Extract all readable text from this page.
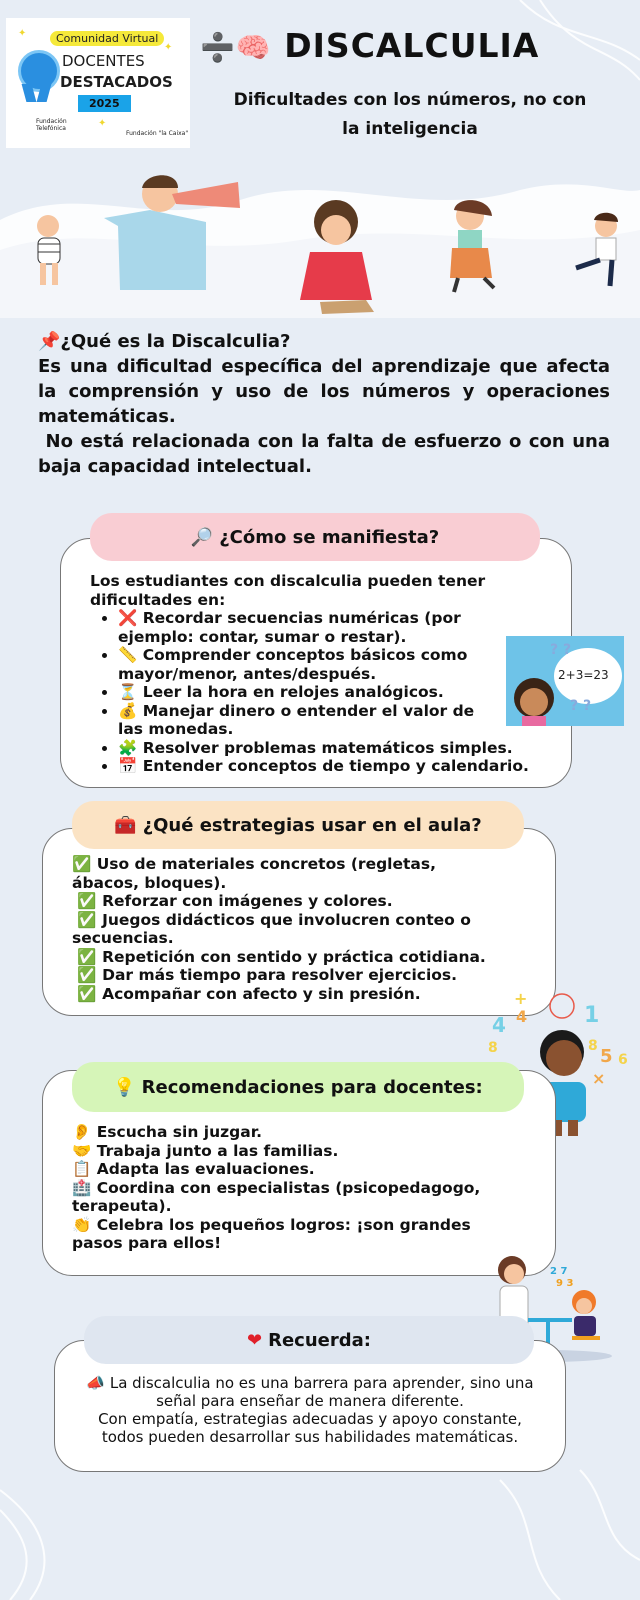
✦
✦
✦
Comunidad Virtual
DOCENTES
DESTACADOS
2025
Fundación Telefónica
Fundación "la Caixa"
➗🧠 DISCALCULIA
Dificultades con los números, no con la inteligencia

📌¿Qué es la Discalculia?

Es una dificultad específica del aprendizaje que afecta la comprensión y uso de los números y operaciones matemáticas.

No está relacionada con la falta de esfuerzo o con una baja capacidad intelectual.

🔎 ¿Cómo se manifiesta?

Los estudiantes con discalculia pueden tener dificultades en:

• ❌ Recordar secuencias numéricas (por ejemplo: contar, sumar o restar).
• 📏 Comprender conceptos básicos como mayor/menor, antes/después.
• ⏳ Leer la hora en relojes analógicos.
• 💰 Manejar dinero o entender el valor de las monedas.
• 🧩 Resolver problemas matemáticos simples.
• 📅 Entender conceptos de tiempo y calendario.
? ?
? ?
2+3=23
🧰 ¿Qué estrategias usar en el aula?

✅ Uso de materiales concretos (regletas, ábacos, bloques).

✅ Reforzar con imágenes y colores.

✅ Juegos didácticos que involucren conteo o secuencias.

✅ Repetición con sentido y práctica cotidiana.

✅ Dar más tiempo para resolver ejercicios.

✅ Acompañar con afecto y sin presión.

4 4
8
1
8 5
×
6
+
💡 Recomendaciones para docentes:

👂 Escucha sin juzgar.

🤝 Trabaja junto a las familias.

📋 Adapta las evaluaciones.

🏥 Coordina con especialistas (psicopedagogo, terapeuta).

👏 Celebra los pequeños logros: ¡son grandes pasos para ellos!

2 7
9 3
❤ Recuerda:

📣 La discalculia no es una barrera para aprender, sino una señal para enseñar de manera diferente.

Con empatía, estrategias adecuadas y apoyo constante, todos pueden desarrollar sus habilidades matemáticas.
